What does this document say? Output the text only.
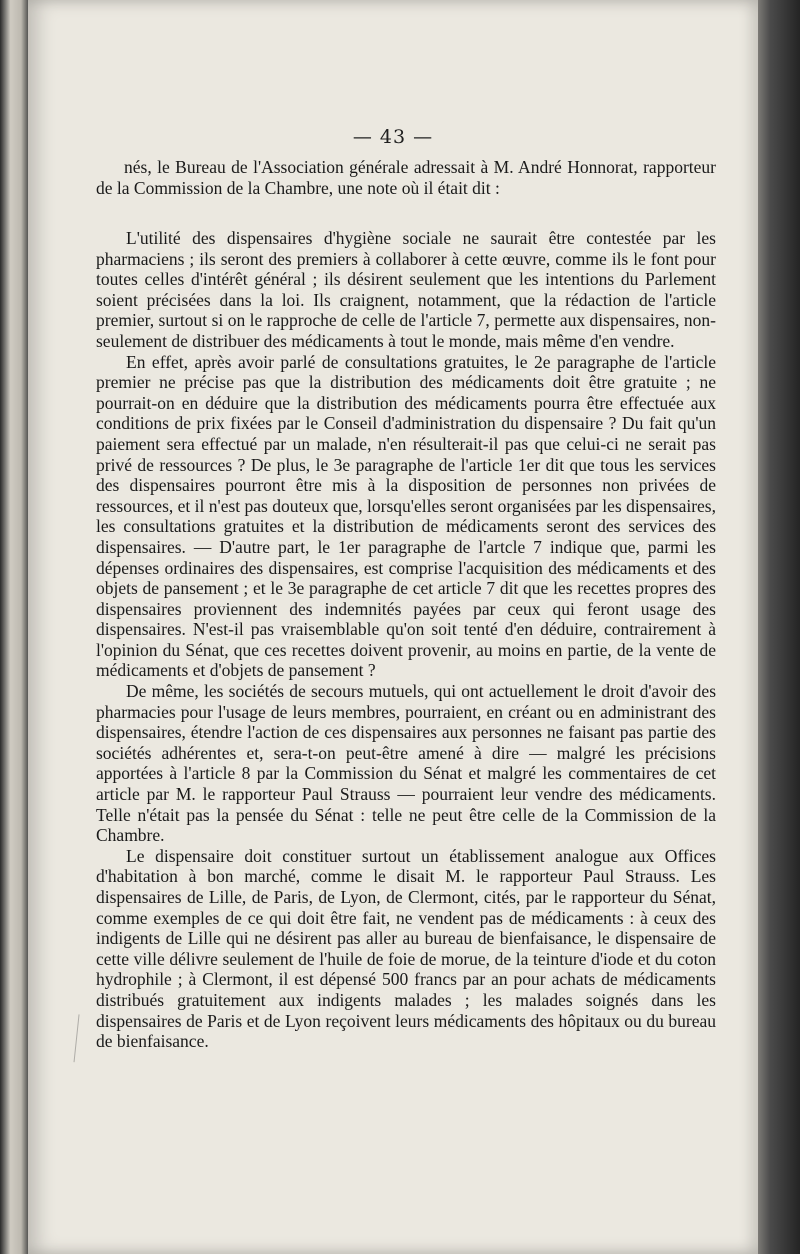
— 43 —

nés, le Bureau de l'Association générale adressait à M. André Honnorat, rapporteur de la Commission de la Chambre, une note où il était dit :

L'utilité des dispensaires d'hygiène sociale ne saurait être contestée par les pharmaciens ; ils seront des premiers à collaborer à cette œuvre, comme ils le font pour toutes celles d'intérêt général ; ils désirent seulement que les intentions du Parlement soient précisées dans la loi. Ils craignent, notamment, que la rédaction de l'article premier, surtout si on le rapproche de celle de l'article 7, permette aux dispensaires, non-seulement de distribuer des médicaments à tout le monde, mais même d'en vendre.

En effet, après avoir parlé de consultations gratuites, le 2e paragraphe de l'article premier ne précise pas que la distribution des médicaments doit être gratuite ; ne pourrait-on en déduire que la distribution des médicaments pourra être effectuée aux conditions de prix fixées par le Conseil d'administration du dispensaire ? Du fait qu'un paiement sera effectué par un malade, n'en résulterait-il pas que celui-ci ne serait pas privé de ressources ? De plus, le 3e paragraphe de l'article 1er dit que tous les services des dispensaires pourront être mis à la disposition de personnes non privées de ressources, et il n'est pas douteux que, lorsqu'elles seront organisées par les dispensaires, les consultations gratuites et la distribution de médicaments seront des services des dispensaires. — D'autre part, le 1er paragraphe de l'artcle 7 indique que, parmi les dépenses ordinaires des dispensaires, est comprise l'acquisition des médicaments et des objets de pansement ; et le 3e paragraphe de cet article 7 dit que les recettes propres des dispensaires proviennent des indemnités payées par ceux qui feront usage des dispensaires. N'est-il pas vraisemblable qu'on soit tenté d'en déduire, contrairement à l'opinion du Sénat, que ces recettes doivent provenir, au moins en partie, de la vente de médicaments et d'objets de pansement ?

De même, les sociétés de secours mutuels, qui ont actuellement le droit d'avoir des pharmacies pour l'usage de leurs membres, pourraient, en créant ou en administrant des dispensaires, étendre l'action de ces dispensaires aux personnes ne faisant pas partie des sociétés adhérentes et, sera-t-on peut-être amené à dire — malgré les précisions apportées à l'article 8 par la Commission du Sénat et malgré les commentaires de cet article par M. le rapporteur Paul Strauss — pourraient leur vendre des médicaments. Telle n'était pas la pensée du Sénat : telle ne peut être celle de la Commission de la Chambre.

Le dispensaire doit constituer surtout un établissement analogue aux Offices d'habitation à bon marché, comme le disait M. le rapporteur Paul Strauss. Les dispensaires de Lille, de Paris, de Lyon, de Clermont, cités, par le rapporteur du Sénat, comme exemples de ce qui doit être fait, ne vendent pas de médicaments : à ceux des indigents de Lille qui ne désirent pas aller au bureau de bienfaisance, le dispensaire de cette ville délivre seulement de l'huile de foie de morue, de la teinture d'iode et du coton hydrophile ; à Clermont, il est dépensé 500 francs par an pour achats de médicaments distribués gratuitement aux indigents malades ; les malades soignés dans les dispensaires de Paris et de Lyon reçoivent leurs médicaments des hôpitaux ou du bureau de bienfaisance.
